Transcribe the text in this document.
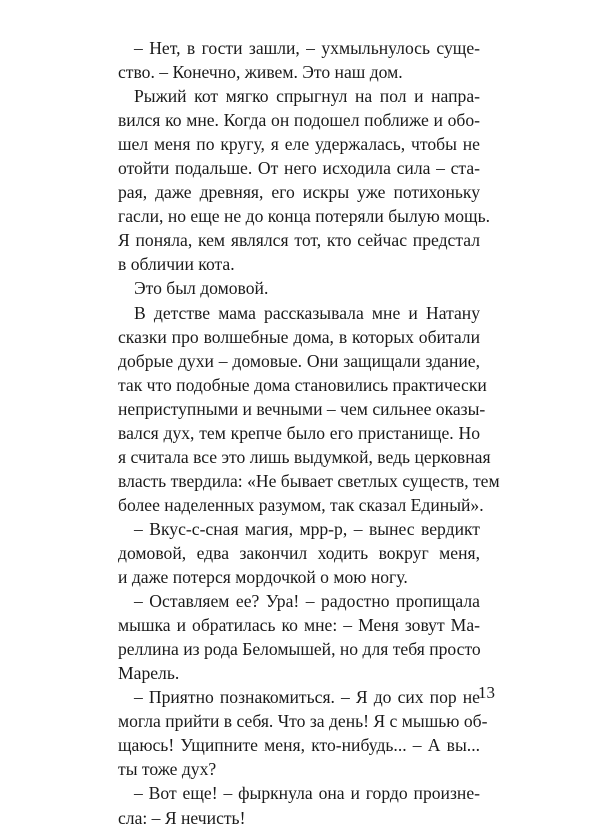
– Нет, в гости зашли, – ухмыльнулось суще-
ство. – Конечно, живем. Это наш дом.
Рыжий кот мягко спрыгнул на пол и напра-
вился ко мне. Когда он подошел поближе и обо-
шел меня по кругу, я еле удержалась, чтобы не
отойти подальше. От него исходила сила – ста-
рая, даже древняя, его искры уже потихоньку
гасли, но еще не до конца потеряли былую мощь.
Я поняла, кем являлся тот, кто сейчас предстал
в обличии кота.
Это был домовой.
В детстве мама рассказывала мне и Натану
сказки про волшебные дома, в которых обитали
добрые духи – домовые. Они защищали здание,
так что подобные дома становились практически
неприступными и вечными – чем сильнее оказы-
вался дух, тем крепче было его пристанище. Но
я считала все это лишь выдумкой, ведь церковная
власть твердила: «Не бывает светлых существ, тем
более наделенных разумом, так сказал Единый».
– Вкус-с-сная магия, мрр-р, – вынес вердикт
домовой, едва закончил ходить вокруг меня,
и даже потерся мордочкой о мою ногу.
– Оставляем ее? Ура! – радостно пропищала
мышка и обратилась ко мне: – Меня зовут Ма-
реллина из рода Беломышей, но для тебя просто
Марель.
– Приятно познакомиться. – Я до сих пор не
могла прийти в себя. Что за день! Я с мышью об-
щаюсь! Ущипните меня, кто-нибудь... – А вы...
ты тоже дух?
– Вот еще! – фыркнула она и гордо произне-
сла: – Я нечисть!
13
